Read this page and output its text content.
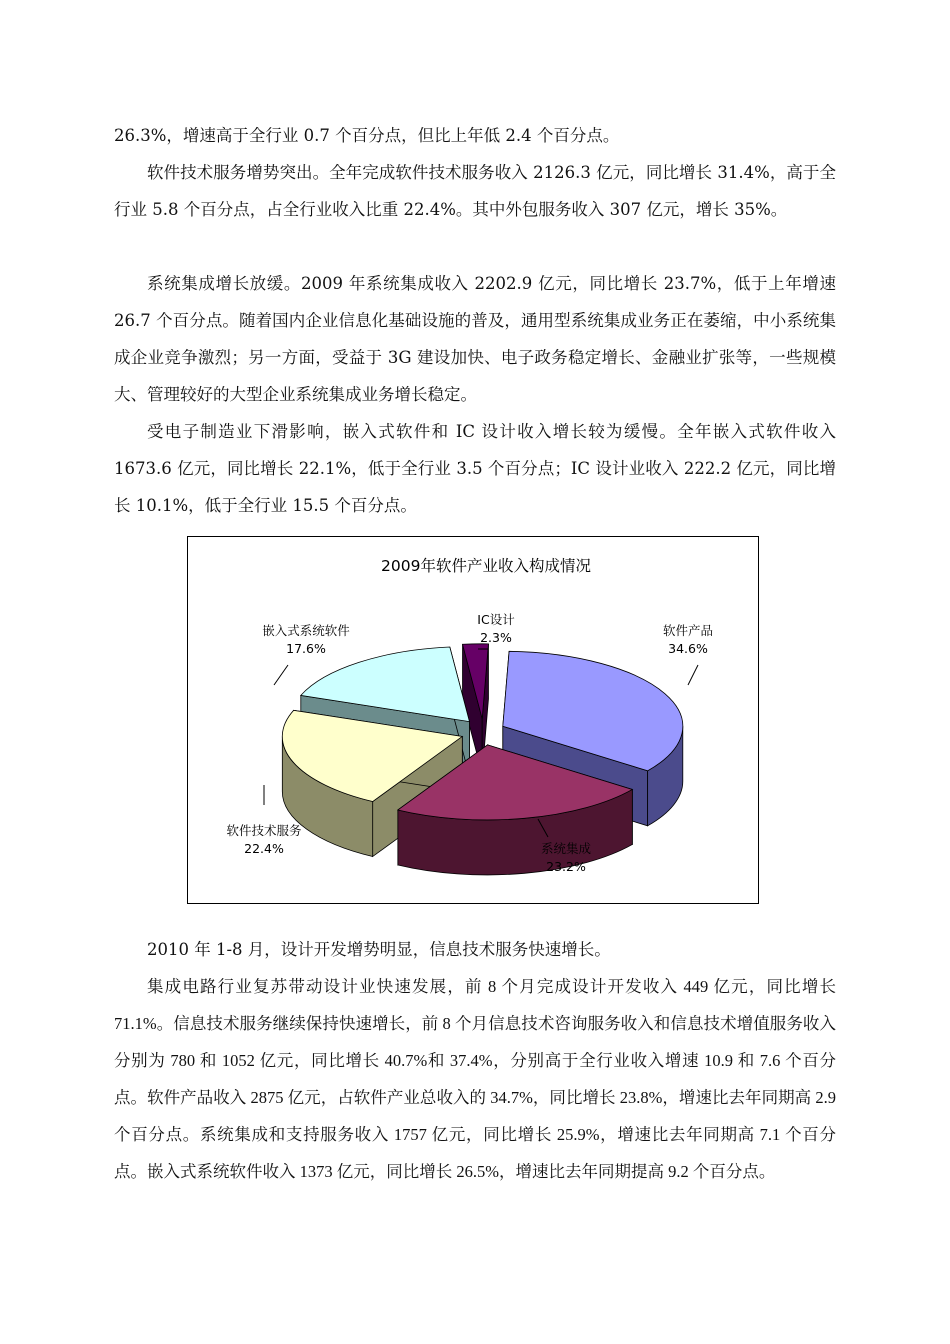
26.3%，增速高于全行业 0.7 个百分点，但比上年低 2.4 个百分点。

软件技术服务增势突出。全年完成软件技术服务收入 2126.3 亿元，同比增长 31.4%，高于全行业 5.8 个百分点，占全行业收入比重 22.4%。其中外包服务收入 307 亿元，增长 35%。

系统集成增长放缓。2009 年系统集成收入 2202.9 亿元，同比增长 23.7%，低于上年增速 26.7 个百分点。随着国内企业信息化基础设施的普及，通用型系统集成业务正在萎缩，中小系统集成企业竞争激烈；另一方面，受益于 3G 建设加快、电子政务稳定增长、金融业扩张等，一些规模大、管理较好的大型企业系统集成业务增长稳定。

受电子制造业下滑影响，嵌入式软件和 IC 设计收入增长较为缓慢。全年嵌入式软件收入 1673.6 亿元，同比增长 22.1%，低于全行业 3.5 个百分点；IC 设计业收入 222.2 亿元，同比增长 10.1%，低于全行业 15.5 个百分点。

2009年软件产业收入构成情况
软件产品
34.6%
系统集成
23.2%
软件技术服务
22.4%
嵌入式系统软件
17.6%
IC设计
2.3%

2010 年 1-8 月，设计开发增势明显，信息技术服务快速增长。

集成电路行业复苏带动设计业快速发展，前 8 个月完成设计开发收入 449 亿元，同比增长 71.1%。信息技术服务继续保持快速增长，前 8 个月信息技术咨询服务收入和信息技术增值服务收入分别为 780 和 1052 亿元，同比增长 40.7%和 37.4%，分别高于全行业收入增速 10.9 和 7.6 个百分点。软件产品收入 2875 亿元，占软件产业总收入的 34.7%，同比增长 23.8%，增速比去年同期高 2.9 个百分点。系统集成和支持服务收入 1757 亿元，同比增长 25.9%，增速比去年同期高 7.1 个百分点。嵌入式系统软件收入 1373 亿元，同比增长 26.5%，增速比去年同期提高 9.2 个百分点。
